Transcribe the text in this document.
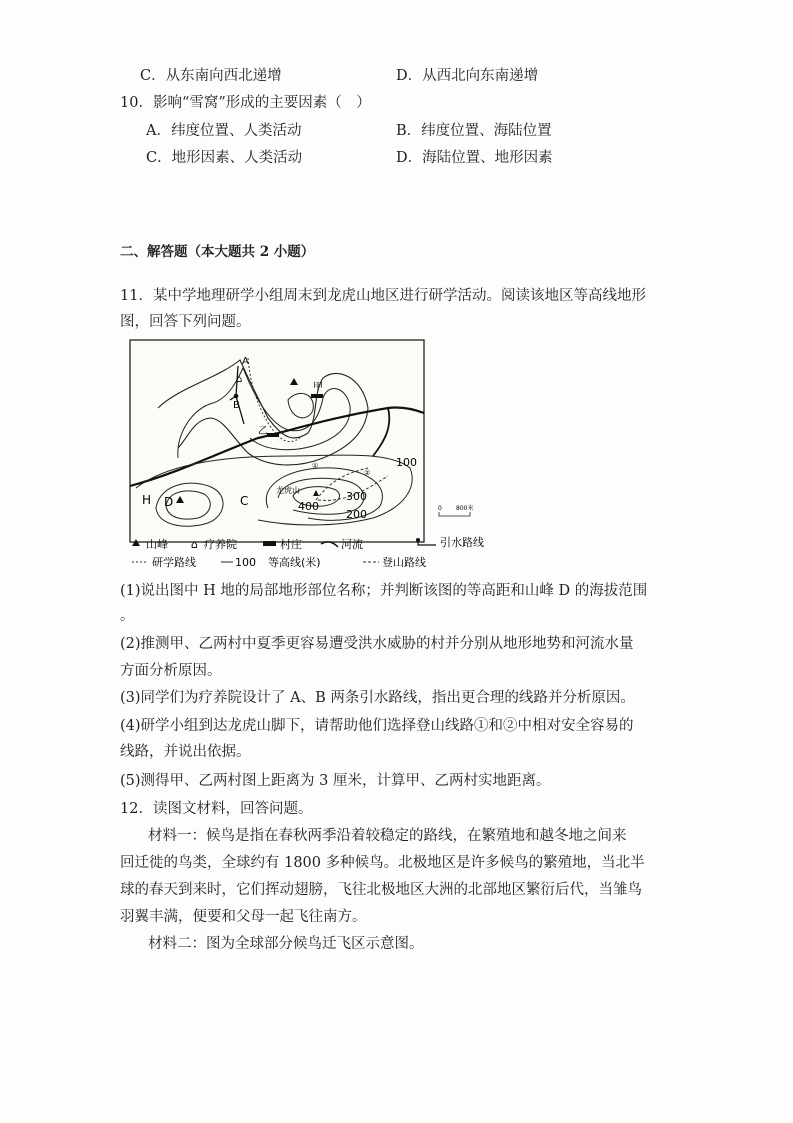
C．从东南向西北递增	D．从西北向东南递增
10．影响“雪窝”形成的主要因素（　）
A．纬度位置、人类活动	B．纬度位置、海陆位置
C．地形因素、人类活动	D．海陆位置、地形因素
二、解答题（本大题共 2 小题）
11．某中学地理研学小组周末到龙虎山地区进行研学活动。阅读该地区等高线地形
图，回答下列问题。
A
⌂
B
甲
乙
H D	C
龙虎山
100
200
300
400
①
②
0 800米
山峰 ⌂ 疗养院	村庄	河流	引水路线
研学路线	100 等高线(米)	登山路线
(1)说出图中 H 地的局部地形部位名称；并判断该图的等高距和山峰 D 的海拔范围
。
(2)推测甲、乙两村中夏季更容易遭受洪水威胁的村并分别从地形地势和河流水量
方面分析原因。
(3)同学们为疗养院设计了 A、B 两条引水路线，指出更合理的线路并分析原因。
(4)研学小组到达龙虎山脚下，请帮助他们选择登山线路①和②中相对安全容易的
线路，并说出依据。
(5)测得甲、乙两村图上距离为 3 厘米，计算甲、乙两村实地距离。
12．读图文材料，回答问题。
材料一：候鸟是指在春秋两季沿着较稳定的路线，在繁殖地和越冬地之间来
回迁徙的鸟类，全球约有 1800 多种候鸟。北极地区是许多候鸟的繁殖地，当北半
球的春天到来时，它们挥动翅膀，飞往北极地区大洲的北部地区繁衍后代，当雏鸟
羽翼丰满，便要和父母一起飞往南方。
材料二：图为全球部分候鸟迁飞区示意图。
